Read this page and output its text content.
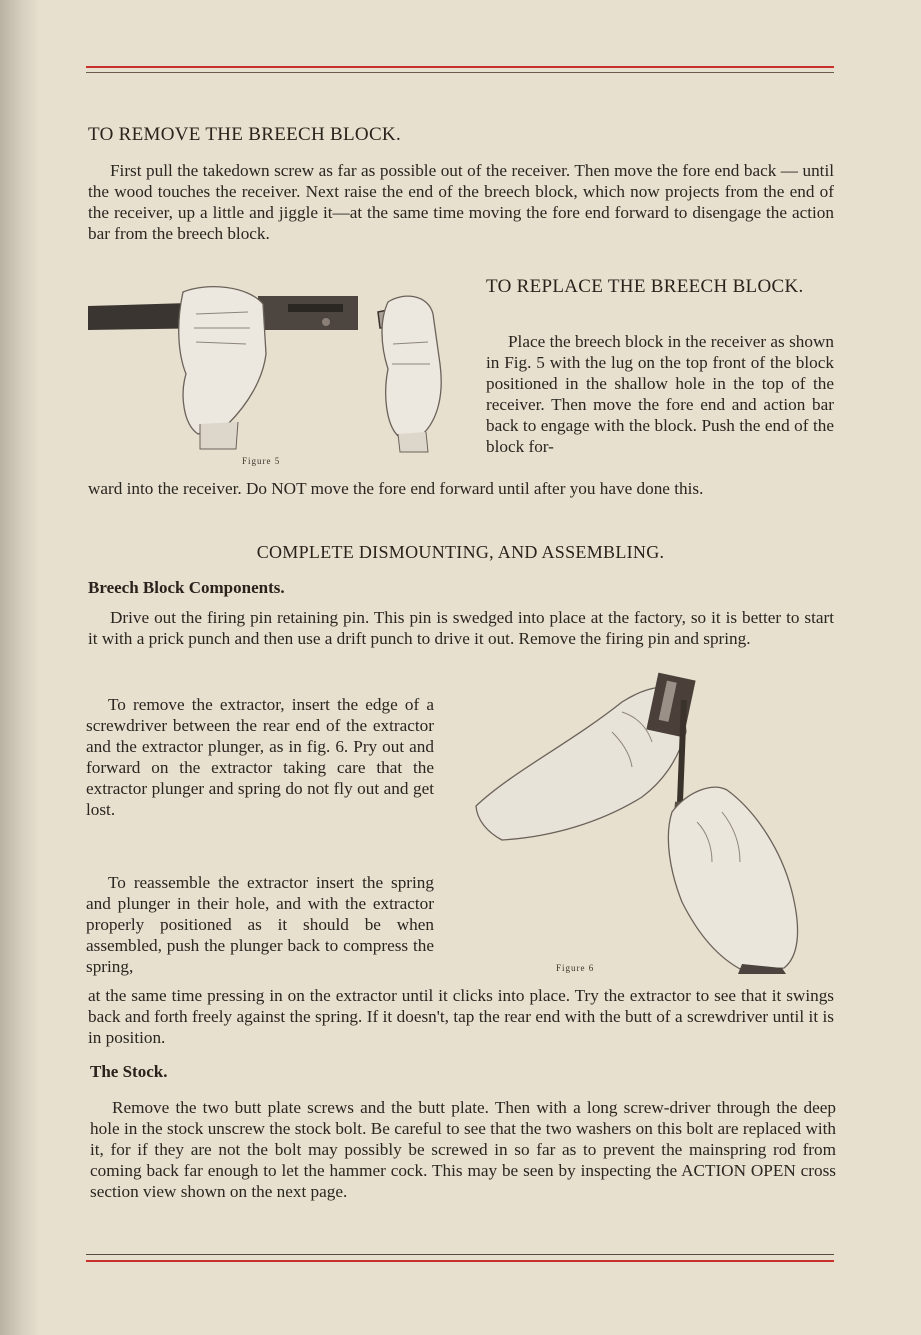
TO REMOVE THE BREECH BLOCK.

First pull the takedown screw as far as possible out of the receiver. Then move the fore end back — until the wood touches the receiver. Next raise the end of the breech block, which now projects from the end of the receiver, up a little and jiggle it—at the same time moving the fore end forward to disengage the action bar from the breech block.

Figure 5
TO REPLACE THE BREECH BLOCK.

Place the breech block in the receiver as shown in Fig. 5 with the lug on the top front of the block positioned in the shallow hole in the top of the receiver. Then move the fore end and action bar back to engage with the block. Push the end of the block for-

ward into the receiver. Do NOT move the fore end forward until after you have done this.

COMPLETE DISMOUNTING, AND ASSEMBLING.
Breech Block Components.

Drive out the firing pin retaining pin. This pin is swedged into place at the factory, so it is better to start it with a prick punch and then use a drift punch to drive it out. Remove the firing pin and spring.

To remove the extractor, insert the edge of a screwdriver between the rear end of the extractor and the extractor plunger, as in fig. 6. Pry out and forward on the extractor taking care that the extractor plunger and spring do not fly out and get lost.

To reassemble the extractor insert the spring and plunger in their hole, and with the extractor properly positioned as it should be when assembled, push the plunger back to compress the spring,	Figure 6

at the same time pressing in on the extractor until it clicks into place. Try the extractor to see that it swings back and forth freely against the spring. If it doesn't, tap the rear end with the butt of a screwdriver until it is in position.

The Stock.

Remove the two butt plate screws and the butt plate. Then with a long screw-driver through the deep hole in the stock unscrew the stock bolt. Be careful to see that the two washers on this bolt are replaced with it, for if they are not the bolt may possibly be screwed in so far as to prevent the mainspring rod from coming back far enough to let the hammer cock. This may be seen by inspecting the ACTION OPEN cross section view shown on the next page.
